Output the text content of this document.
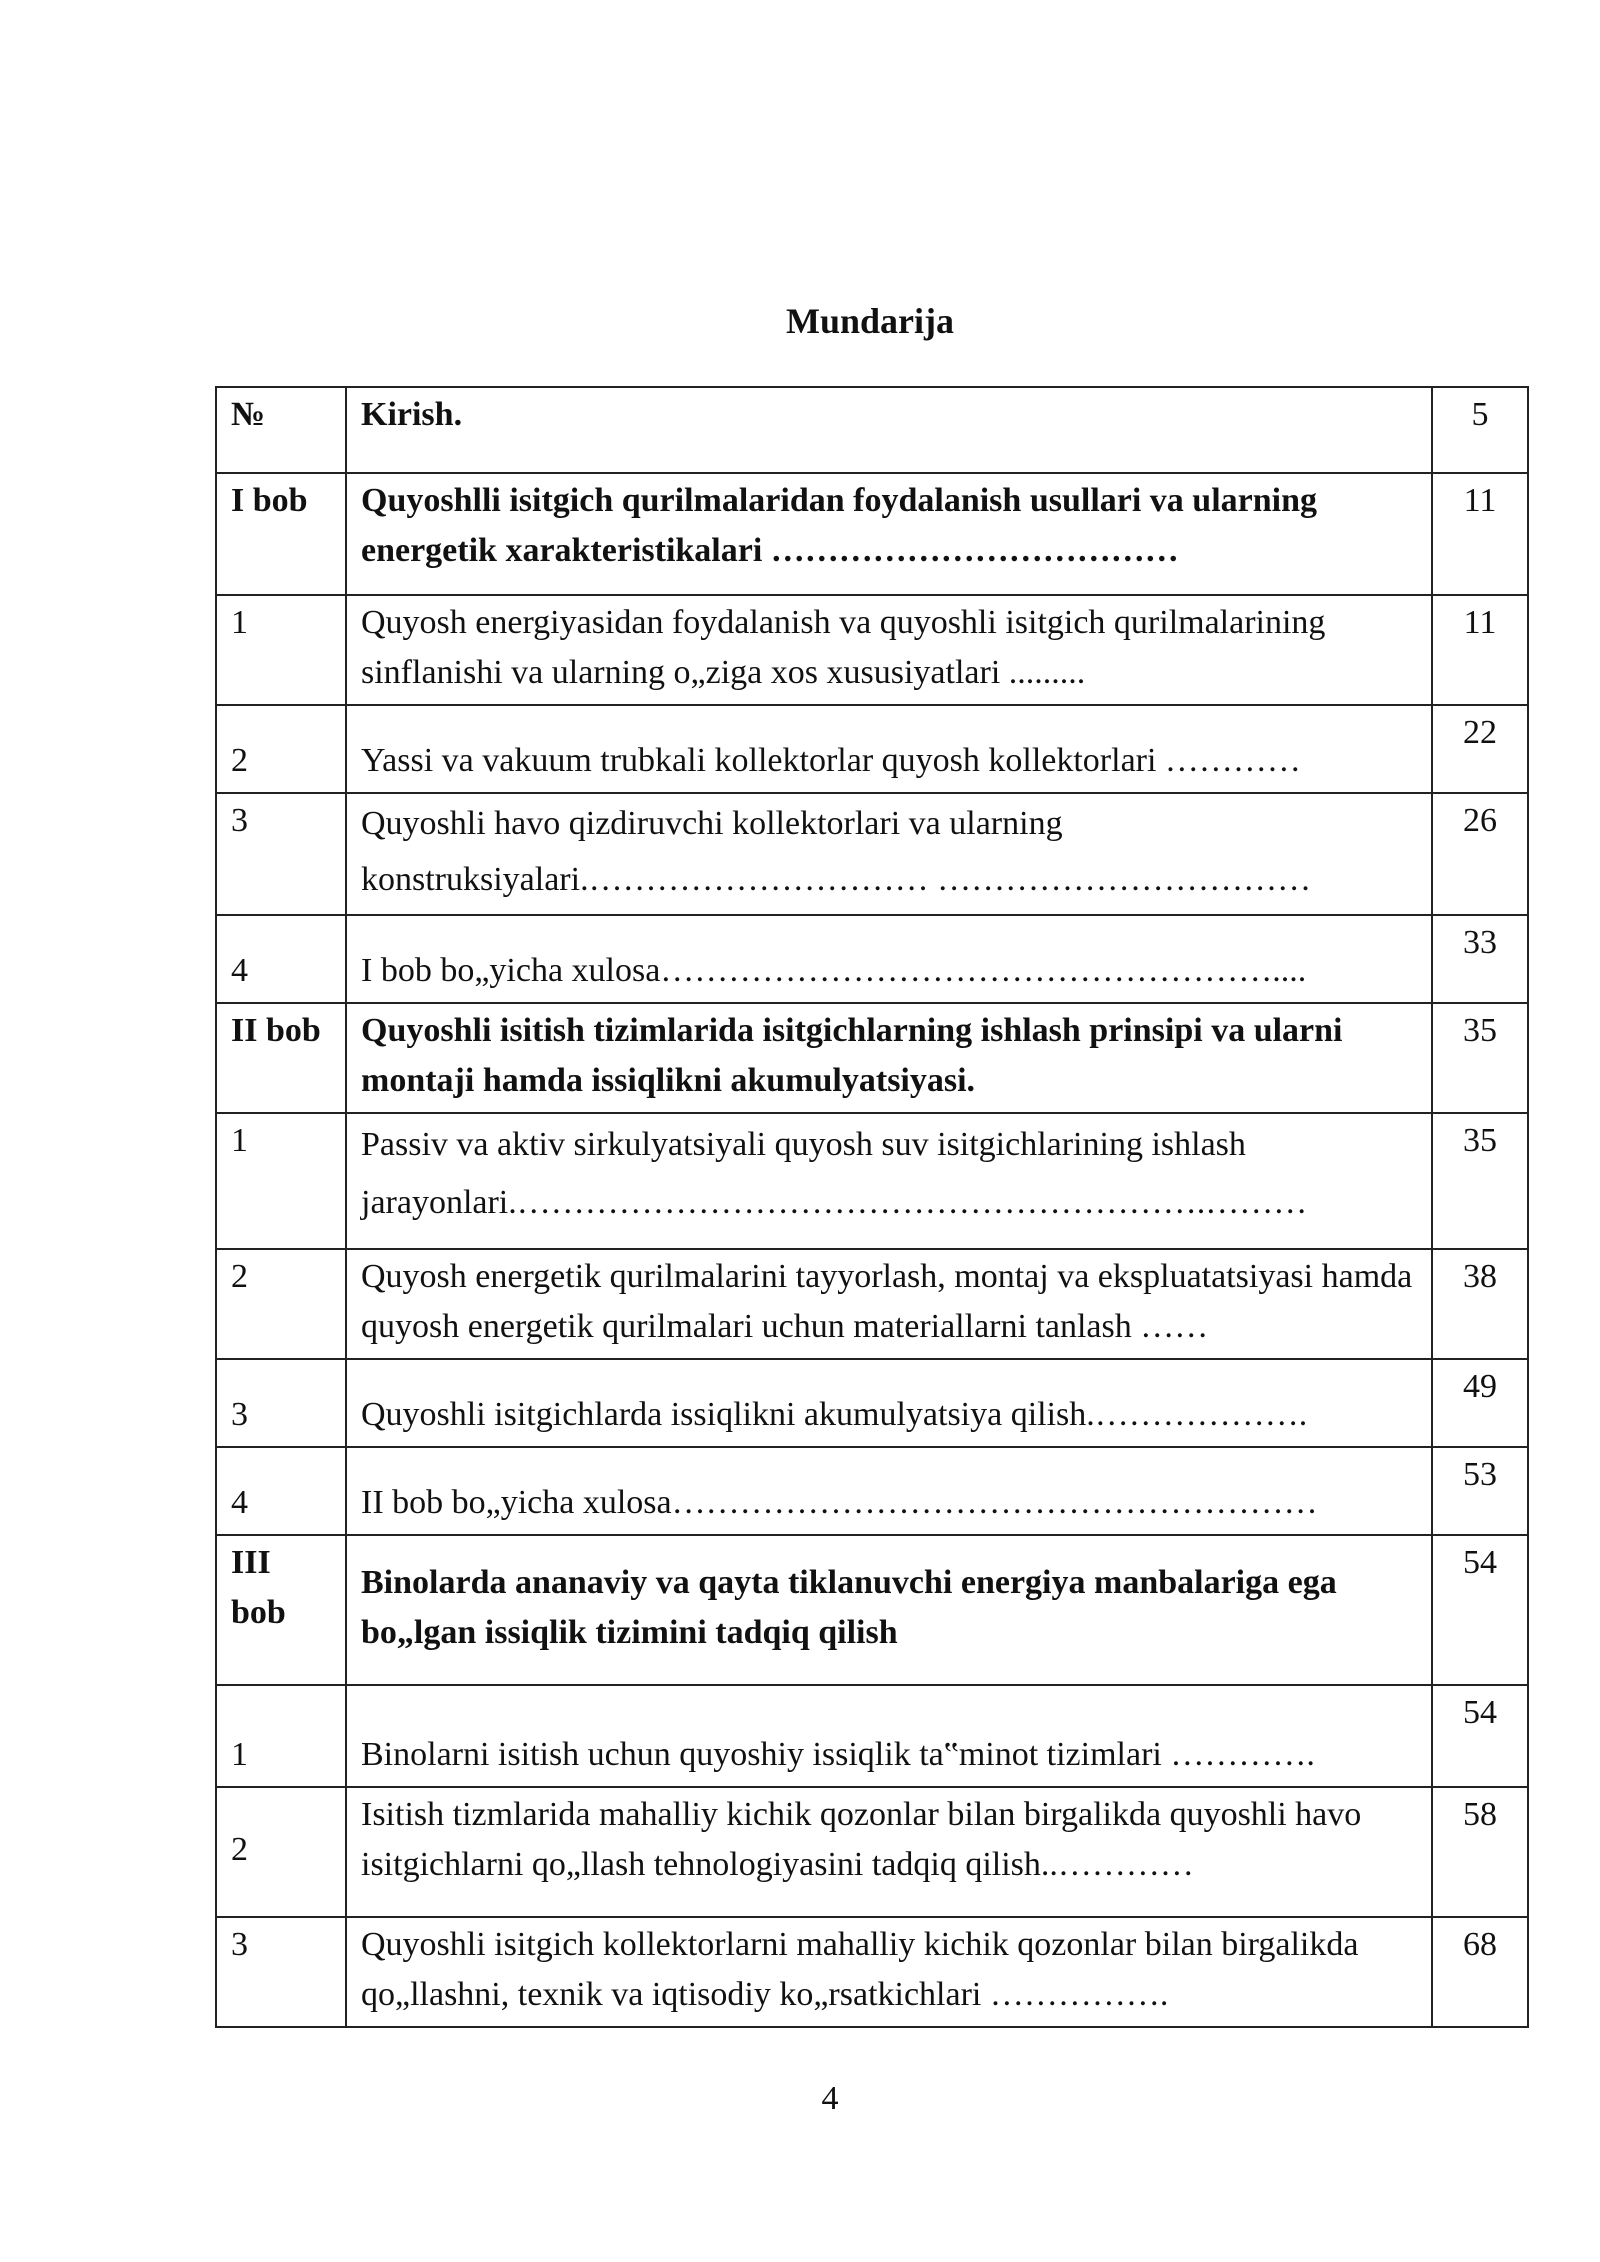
Mundarija
№	Kirish.	5
I bob	Quyoshlli isitgich qurilmalaridan foydalanish usullari va ularning energetik xarakteristikalari ………………………………	11
1	Quyosh energiyasidan foydalanish va quyoshli isitgich qurilmalarining sinflanishi va ularning o„ziga xos xususiyatlari .........	11
2	Yassi va vakuum trubkali kollektorlar quyosh kollektorlari …………	22
3	Quyoshli havo qizdiruvchi kollektorlari va ularning konstruksiyalari.………………………… ……………………………	26
4	I bob bo„yicha xulosa………………………………………………....	33
II bob	Quyoshli isitish tizimlarida isitgichlarning ishlash prinsipi va ularni montaji hamda issiqlikni akumulyatsiyasi.	35
1	Passiv va aktiv sirkulyatsiyali quyosh suv isitgichlarining ishlash jarayonlari.…………………………………………………….………	35
2	Quyosh energetik qurilmalarini tayyorlash, montaj va ekspluatatsiyasi hamda quyosh energetik qurilmalari uchun materiallarni tanlash ……	38
3	Quyoshli isitgichlarda issiqlikni akumulyatsiya qilish.……………….	49
4	II bob bo„yicha xulosa…………………………………………………	53
III bob	Binolarda ananaviy va qayta tiklanuvchi energiya manbalariga ega bo„lgan issiqlik tizimini tadqiq qilish	54
1	Binolarni isitish uchun quyoshiy issiqlik ta‟minot tizimlari ………….	54
2	Isitish tizmlarida mahalliy kichik qozonlar bilan birgalikda quyoshli havo isitgichlarni qo„llash tehnologiyasini tadqiq qilish..…………	58
3	Quyoshli isitgich kollektorlarni mahalliy kichik qozonlar bilan birgalikda qo„llashni, texnik va iqtisodiy ko„rsatkichlari …………….	68
4
